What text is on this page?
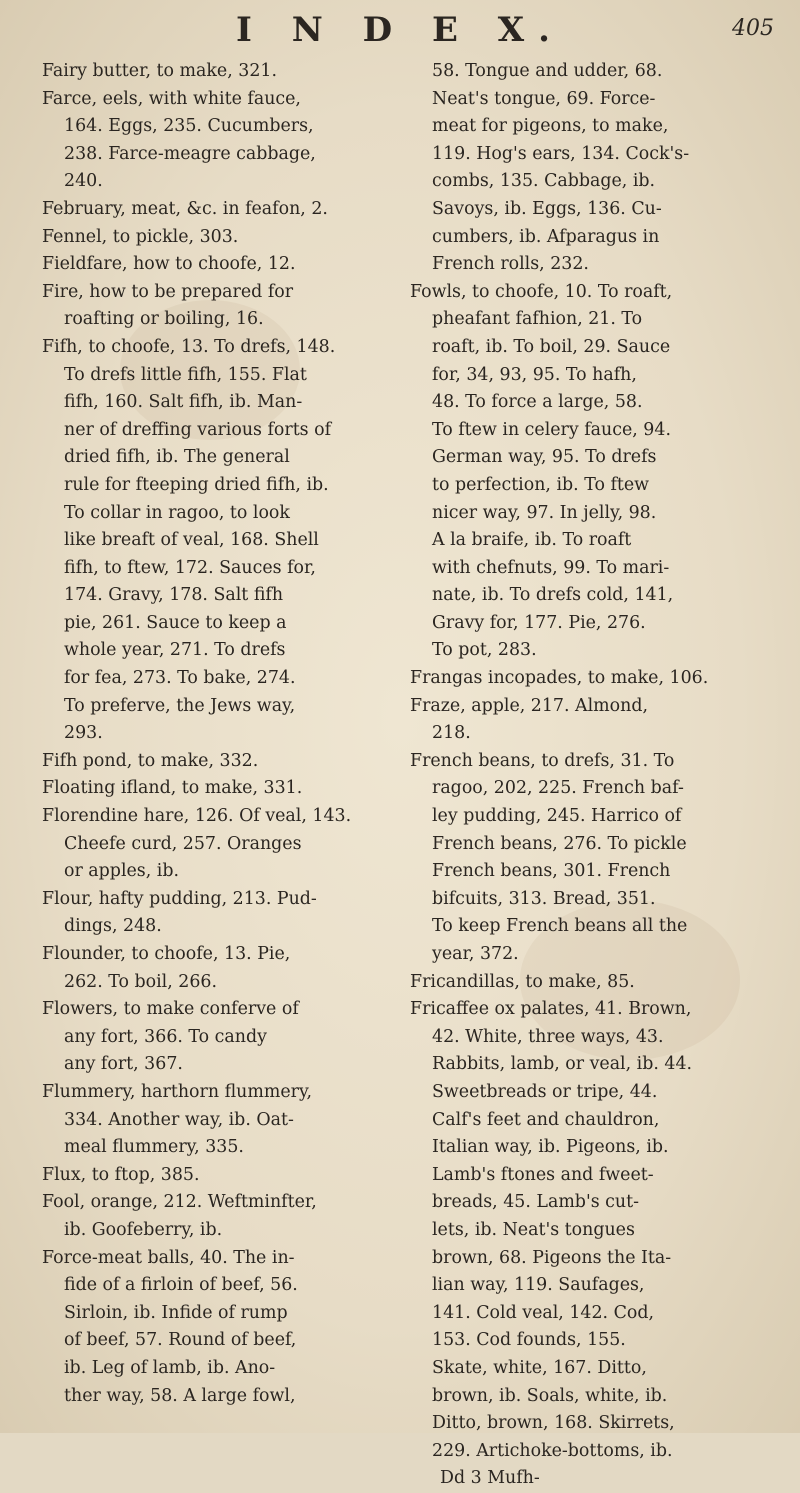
I N D E X.	405
Fairy butter, to make, 321.
Farce, eels, with white fauce,
164. Eggs, 235. Cucumbers,
238. Farce-meagre cabbage,
240.
February, meat, &c. in feafon, 2.
Fennel, to pickle, 303.
Fieldfare, how to choofe, 12.
Fire, how to be prepared for
roafting or boiling, 16.
Fifh, to choofe, 13. To drefs, 148.
To drefs little fifh, 155. Flat
fifh, 160. Salt fifh, ib. Man-
ner of dreffing various forts of
dried fifh, ib. The general
rule for fteeping dried fifh, ib.
To collar in ragoo, to look
like breaft of veal, 168. Shell
fifh, to ftew, 172. Sauces for,
174. Gravy, 178. Salt fifh
pie, 261. Sauce to keep a
whole year, 271. To drefs
for fea, 273. To bake, 274.
To preferve, the Jews way,
293.
Fifh pond, to make, 332.
Floating ifland, to make, 331.
Florendine hare, 126. Of veal, 143.
Cheefe curd, 257. Oranges
or apples, ib.
Flour, hafty pudding, 213. Pud-
dings, 248.
Flounder, to choofe, 13. Pie,
262. To boil, 266.
Flowers, to make conferve of
any fort, 366. To candy
any fort, 367.
Flummery, harthorn flummery,
334. Another way, ib. Oat-
meal flummery, 335.
Flux, to ftop, 385.
Fool, orange, 212. Weftminfter,
ib. Goofeberry, ib.
Force-meat balls, 40. The in-
fide of a firloin of beef, 56.
Sirloin, ib. Infide of rump
of beef, 57. Round of beef,
ib. Leg of lamb, ib. Ano-
ther way, 58. A large fowl,
58. Tongue and udder, 68.
Neat's tongue, 69. Force-
meat for pigeons, to make,
119. Hog's ears, 134. Cock's-
combs, 135. Cabbage, ib.
Savoys, ib. Eggs, 136. Cu-
cumbers, ib. Afparagus in
French rolls, 232.
Fowls, to choofe, 10. To roaft,
pheafant fafhion, 21. To
roaft, ib. To boil, 29. Sauce
for, 34, 93, 95. To hafh,
48. To force a large, 58.
To ftew in celery fauce, 94.
German way, 95. To drefs
to perfection, ib. To ftew
nicer way, 97. In jelly, 98.
A la braife, ib. To roaft
with chefnuts, 99. To mari-
nate, ib. To drefs cold, 141,
Gravy for, 177. Pie, 276.
To pot, 283.
Frangas incopades, to make, 106.
Fraze, apple, 217. Almond,
218.
French beans, to drefs, 31. To
ragoo, 202, 225. French baf-
ley pudding, 245. Harrico of
French beans, 276. To pickle
French beans, 301. French
bifcuits, 313. Bread, 351.
To keep French beans all the
year, 372.
Fricandillas, to make, 85.
Fricaffee ox palates, 41. Brown,
42. White, three ways, 43.
Rabbits, lamb, or veal, ib. 44.
Sweetbreads or tripe, 44.
Calf's feet and chauldron,
Italian way, ib. Pigeons, ib.
Lamb's ftones and fweet-
breads, 45. Lamb's cut-
lets, ib. Neat's tongues
brown, 68. Pigeons the Ita-
lian way, 119. Saufages,
141. Cold veal, 142. Cod,
153. Cod founds, 155.
Skate, white, 167. Ditto,
brown, ib. Soals, white, ib.
Ditto, brown, 168. Skirrets,
229. Artichoke-bottoms, ib.
Dd 3 Mufh-
